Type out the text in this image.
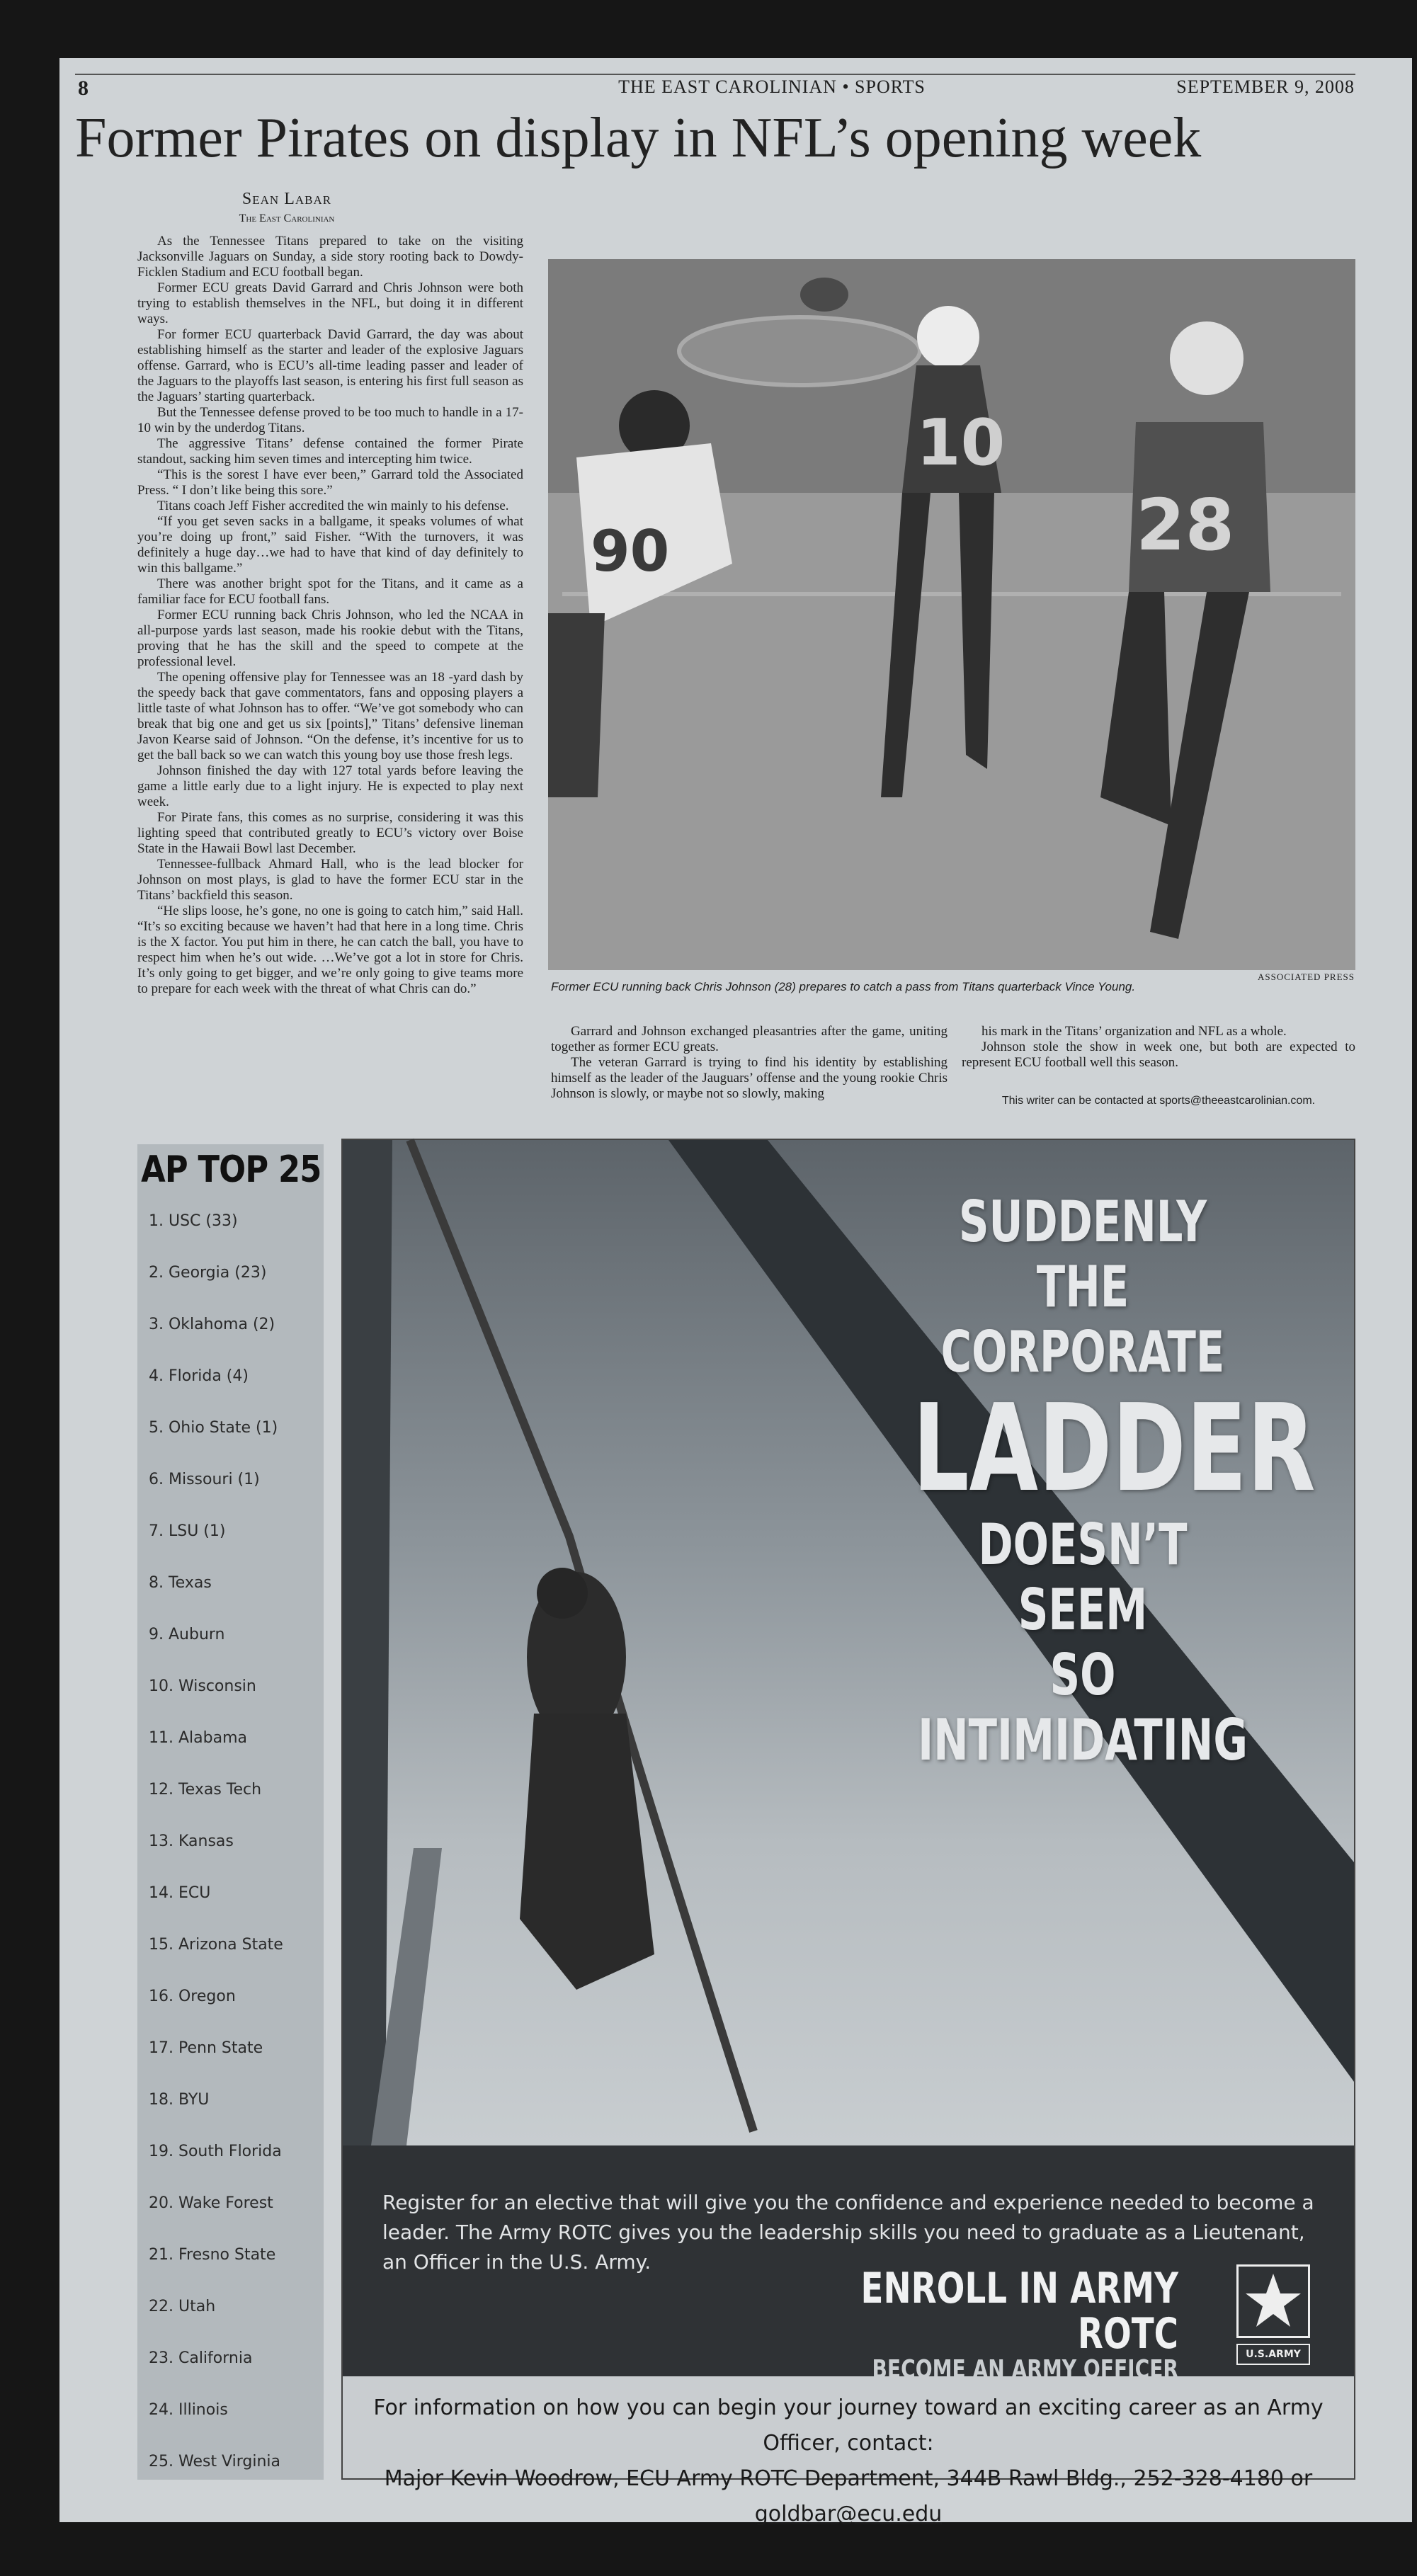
8	THE EAST CAROLINIAN • SPORTS	SEPTEMBER 9, 2008
Former Pirates on display in NFL’s opening week
Sean Labar
The East Carolinian

As the Tennessee Titans prepared to take on the visiting Jacksonville Jaguars on Sunday, a side story rooting back to Dowdy-Ficklen Stadium and ECU football began.

Former ECU greats David Garrard and Chris Johnson were both trying to establish themselves in the NFL, but doing it in different ways.

For former ECU quarterback David Garrard, the day was about establishing himself as the starter and leader of the explosive Jaguars offense. Garrard, who is ECU’s all-time leading passer and leader of the Jaguars to the playoffs last season, is entering his first full season as the Jaguars’ starting quarterback.

But the Tennessee defense proved to be too much to handle in a 17-10 win by the underdog Titans.

The aggressive Titans’ defense contained the former Pirate standout, sacking him seven times and intercepting him twice.

“This is the sorest I have ever been,” Garrard told the Associated Press. “ I don’t like being this sore.”

Titans coach Jeff Fisher accredited the win mainly to his defense.

“If you get seven sacks in a ballgame, it speaks volumes of what you’re doing up front,” said Fisher. “With the turnovers, it was definitely a huge day…we had to have that kind of day definitely to win this ballgame.”

There was another bright spot for the Titans, and it came as a familiar face for ECU football fans.

Former ECU running back Chris Johnson, who led the NCAA in all-purpose yards last season, made his rookie debut with the Titans, proving that he has the skill and the speed to compete at the professional level.

The opening offensive play for Tennessee was an 18 -yard dash by the speedy back that gave commentators, fans and opposing players a little taste of what Johnson has to offer. “We’ve got somebody who can break that big one and get us six [points],” Titans’ defensive lineman Javon Kearse said of Johnson. “On the defense, it’s incentive for us to get the ball back so we can watch this young boy use those fresh legs.

Johnson finished the day with 127 total yards before leaving the game a little early due to a light injury. He is expected to play next week.

For Pirate fans, this comes as no surprise, considering it was this lighting speed that contributed greatly to ECU’s victory over Boise State in the Hawaii Bowl last December.

Tennessee-fullback Ahmard Hall, who is the lead blocker for Johnson on most plays, is glad to have the former ECU star in the Titans’ backfield this season.

“He slips loose, he’s gone, no one is going to catch him,” said Hall. “It’s so exciting because we haven’t had that here in a long time. Chris is the X factor. You put him in there, he can catch the ball, you have to respect him when he’s out wide. …We’ve got a lot in store for Chris. It’s only going to get bigger, and we’re only going to give teams more to prepare for each week with the threat of what Chris can do.”

10
90	28
ASSOCIATED PRESS
Former ECU running back Chris Johnson (28) prepares to catch a pass from Titans quarterback Vince Young.

Garrard and Johnson exchanged pleasantries after the game, uniting together as former ECU greats.

The veteran Garrard is trying to find his identity by establishing himself as the leader of the Jauguars’ offense and the young rookie Chris Johnson is slowly, or maybe not so slowly, making

his mark in the Titans’ organization and NFL as a whole.

Johnson stole the show in week one, but both are expected to represent ECU football well this season.

This writer can be contacted at sports@theeastcarolinian.com.

AP TOP 25
1. USC (33)
2. Georgia (23)
3. Oklahoma (2)
4. Florida (4)
5. Ohio State (1)
6. Missouri (1)
7. LSU (1)
8. Texas
9. Auburn
10. Wisconsin
11. Alabama
12. Texas Tech
13. Kansas
14. ECU
15. Arizona State
16. Oregon
17. Penn State
18. BYU
19. South Florida
20. Wake Forest
21. Fresno State
22. Utah
23. California
24. Illinois
25. West Virginia
SUDDENLY THE
CORPORATE
LADDER
DOESN’T SEEM
SO INTIMIDATING
Register for an elective that will give you the confidence and experience needed to become a leader. The Army ROTC gives you the leadership skills you need to graduate as a Lieutenant, an Officer in the U.S. Army.
ENROLL IN ARMY ROTC
BECOME AN ARMY OFFICER
U.S.ARMY
For information on how you can begin your journey toward an exciting career as an Army Officer, contact:
Major Kevin Woodrow, ECU Army ROTC Department, 344B Rawl Bldg., 252-328-4180 or goldbar@ecu.edu
